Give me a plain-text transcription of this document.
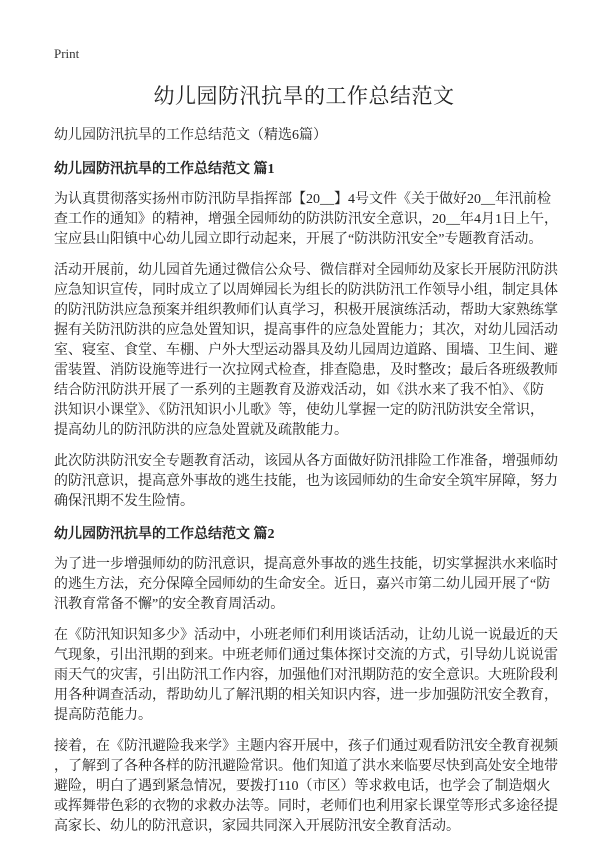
Print
幼儿园防汛抗旱的工作总结范文
幼儿园防汛抗旱的工作总结范文（精选6篇）
幼儿园防汛抗旱的工作总结范文 篇1
为认真贯彻落实扬州市防汛防旱指挥部【20__】4号文件《关于做好20__年汛前检
查工作的通知》的精神，增强全园师幼的防洪防汛安全意识，20__年4月1日上午，
宝应县山阳镇中心幼儿园立即行动起来，开展了“防洪防汛安全”专题教育活动。
活动开展前，幼儿园首先通过微信公众号、微信群对全园师幼及家长开展防汛防洪
应急知识宣传，同时成立了以周婵园长为组长的防洪防汛工作领导小组，制定具体
的防汛防洪应急预案并组织教师们认真学习，积极开展演练活动，帮助大家熟练掌
握有关防汛防洪的应急处置知识，提高事件的应急处置能力；其次，对幼儿园活动
室、寝室、食堂、车棚、户外大型运动器具及幼儿园周边道路、围墙、卫生间、避
雷装置、消防设施等进行一次拉网式检查，排查隐患，及时整改；最后各班级教师
结合防汛防洪开展了一系列的主题教育及游戏活动，如《洪水来了我不怕》、《防
洪知识小课堂》、《防汛知识小儿歌》等，使幼儿掌握一定的防汛防洪安全常识，
提高幼儿的防汛防洪的应急处置就及疏散能力。
此次防洪防汛安全专题教育活动，该园从各方面做好防汛排险工作准备，增强师幼
的防汛意识，提高意外事故的逃生技能，也为该园师幼的生命安全筑牢屏障，努力
确保汛期不发生险情。
幼儿园防汛抗旱的工作总结范文 篇2
为了进一步增强师幼的防汛意识，提高意外事故的逃生技能，切实掌握洪水来临时
的逃生方法，充分保障全园师幼的生命安全。近日，嘉兴市第二幼儿园开展了“防
汛教育常备不懈”的安全教育周活动。
在《防汛知识知多少》活动中，小班老师们利用谈话活动，让幼儿说一说最近的天
气现象，引出汛期的到来。中班老师们通过集体探讨交流的方式，引导幼儿说说雷
雨天气的灾害，引出防汛工作内容，加强他们对汛期防范的安全意识。大班阶段利
用各种调查活动，帮助幼儿了解汛期的相关知识内容，进一步加强防汛安全教育，
提高防范能力。
接着，在《防汛避险我来学》主题内容开展中，孩子们通过观看防汛安全教育视频
，了解到了各种各样的防汛避险常识。他们知道了洪水来临要尽快到高处安全地带
避险，明白了遇到紧急情况，要拨打110（市区）等求救电话，也学会了制造烟火
或挥舞带色彩的衣物的求救办法等。同时，老师们也利用家长课堂等形式多途径提
高家长、幼儿的防汛意识，家园共同深入开展防汛安全教育活动。
